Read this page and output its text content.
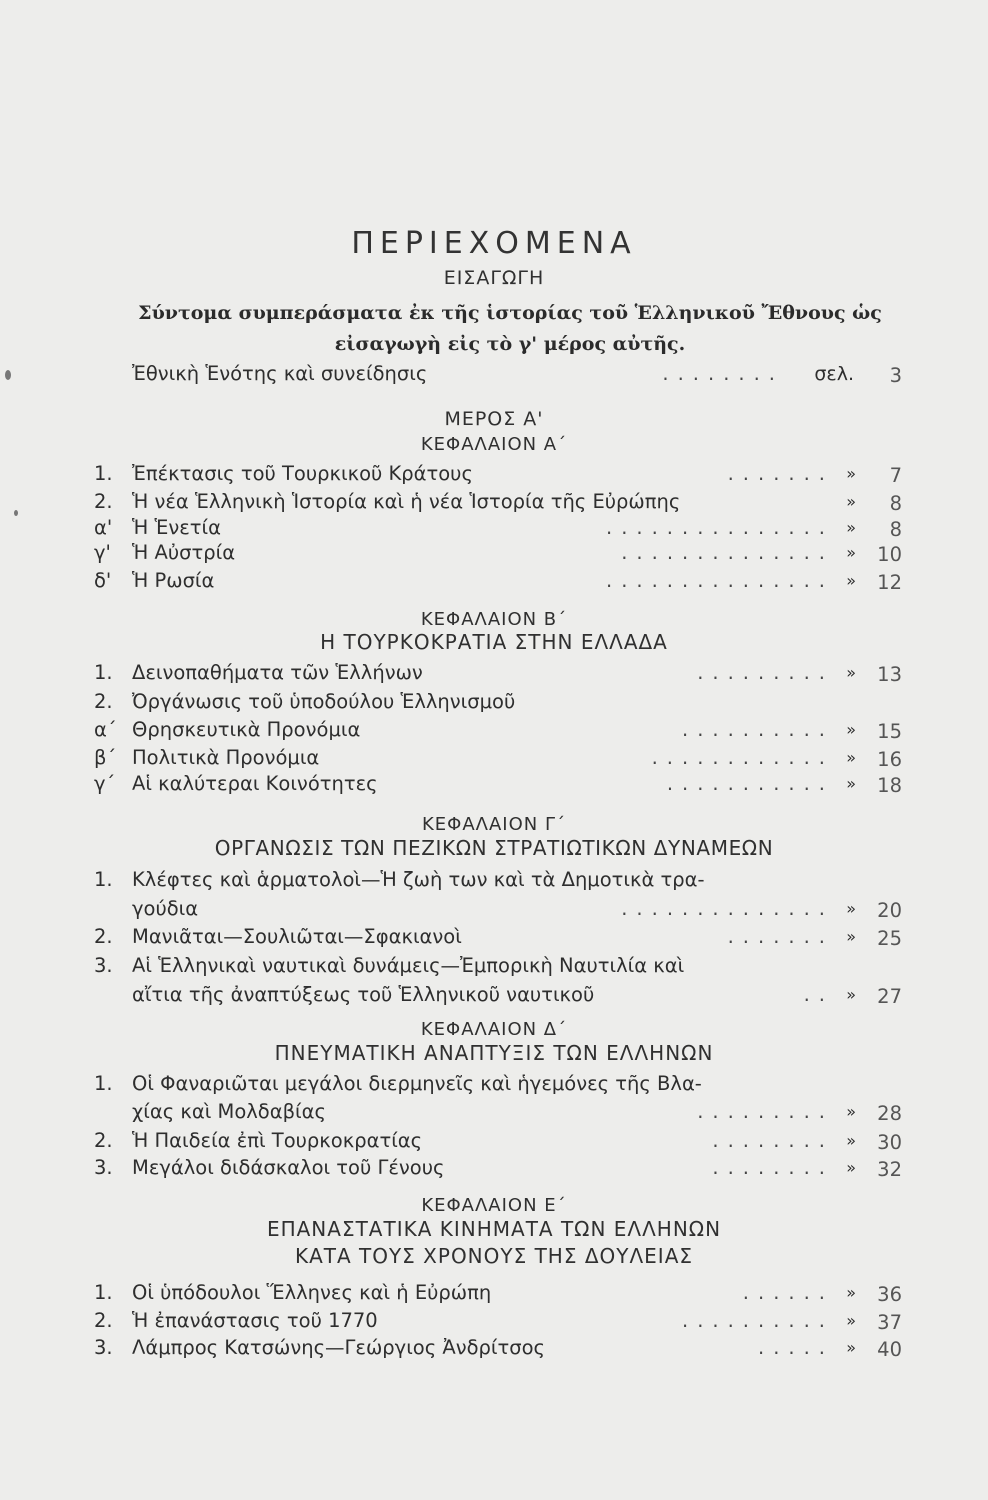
ΠΕΡΙΕΧΟΜΕΝΑ
ΕΙΣΑΓΩΓΗ
Σύντομα συμπεράσματα ἐκ τῆς ἱστορίας τοῦ Ἑλληνικοῦ Ἔθνους ὡς
εἰσαγωγὴ εἰς τὸ γ' μέρος αὐτῆς.
Ἐθνικὴ Ἑνότης καὶ συνείδησις	........ σελ.	3
ΜΕΡΟΣ Α'
ΚΕΦΑΛΑΙΟΝ Α΄
1. Ἐπέκτασις τοῦ Τουρκικοῦ Κράτους	....... »	7
2. Ἡ νέα Ἑλληνικὴ Ἱστορία καὶ ἡ νέα Ἱστορία τῆς Εὐρώπης	»	8
α' Ἡ Ἑνετία	............... »	8
γ' Ἡ Αὐστρία	.............. »	10
δ' Ἡ Ρωσία	............... »	12
ΚΕΦΑΛΑΙΟΝ Β΄
Η ΤΟΥΡΚΟΚΡΑΤΙΑ ΣΤΗΝ ΕΛΛΑΔΑ
1. Δεινοπαθήματα τῶν Ἑλλήνων	......... »	13
2. Ὀργάνωσις τοῦ ὑποδούλου Ἑλληνισμοῦ
α΄ Θρησκευτικὰ Προνόμια	.......... »	15
β΄ Πολιτικὰ Προνόμια	............ »	16
γ΄ Αἱ καλύτεραι Κοινότητες	........... »	18
ΚΕΦΑΛΑΙΟΝ Γ΄
ΟΡΓΑΝΩΣΙΣ ΤΩΝ ΠΕΖΙΚΩΝ ΣΤΡΑΤΙΩΤΙΚΩΝ ΔΥΝΑΜΕΩΝ
1. Κλέφτες καὶ ἁρματολοὶ—Ἡ ζωὴ των καὶ τὰ Δημοτικὰ τρα-
γούδια	.............. »	20
2. Μανιᾶται—Σουλιῶται—Σφακιανοὶ	....... »	25
3. Αἱ Ἑλληνικαὶ ναυτικαὶ δυνάμεις—Ἐμπορικὴ Ναυτιλία καὶ
αἴτια τῆς ἀναπτύξεως τοῦ Ἑλληνικοῦ ναυτικοῦ	.. »	27
ΚΕΦΑΛΑΙΟΝ Δ΄
ΠΝΕΥΜΑΤΙΚΗ ΑΝΑΠΤΥΞΙΣ ΤΩΝ ΕΛΛΗΝΩΝ
1. Οἱ Φαναριῶται μεγάλοι διερμηνεῖς καὶ ἡγεμόνες τῆς Βλα-
χίας καὶ Μολδαβίας	......... »	28
2. Ἡ Παιδεία ἐπὶ Τουρκοκρατίας	........ »	30
3. Μεγάλοι διδάσκαλοι τοῦ Γένους	........ »	32
ΚΕΦΑΛΑΙΟΝ Ε΄
ΕΠΑΝΑΣΤΑΤΙΚΑ ΚΙΝΗΜΑΤΑ ΤΩΝ ΕΛΛΗΝΩΝ
ΚΑΤΑ ΤΟΥΣ ΧΡΟΝΟΥΣ ΤΗΣ ΔΟΥΛΕΙΑΣ
1. Οἱ ὑπόδουλοι Ἕλληνες καὶ ἡ Εὐρώπη	...... »	36
2. Ἡ ἐπανάστασις τοῦ 1770	.......... »	37
3. Λάμπρος Κατσώνης—Γεώργιος Ἀνδρίτσος	..... »	40
